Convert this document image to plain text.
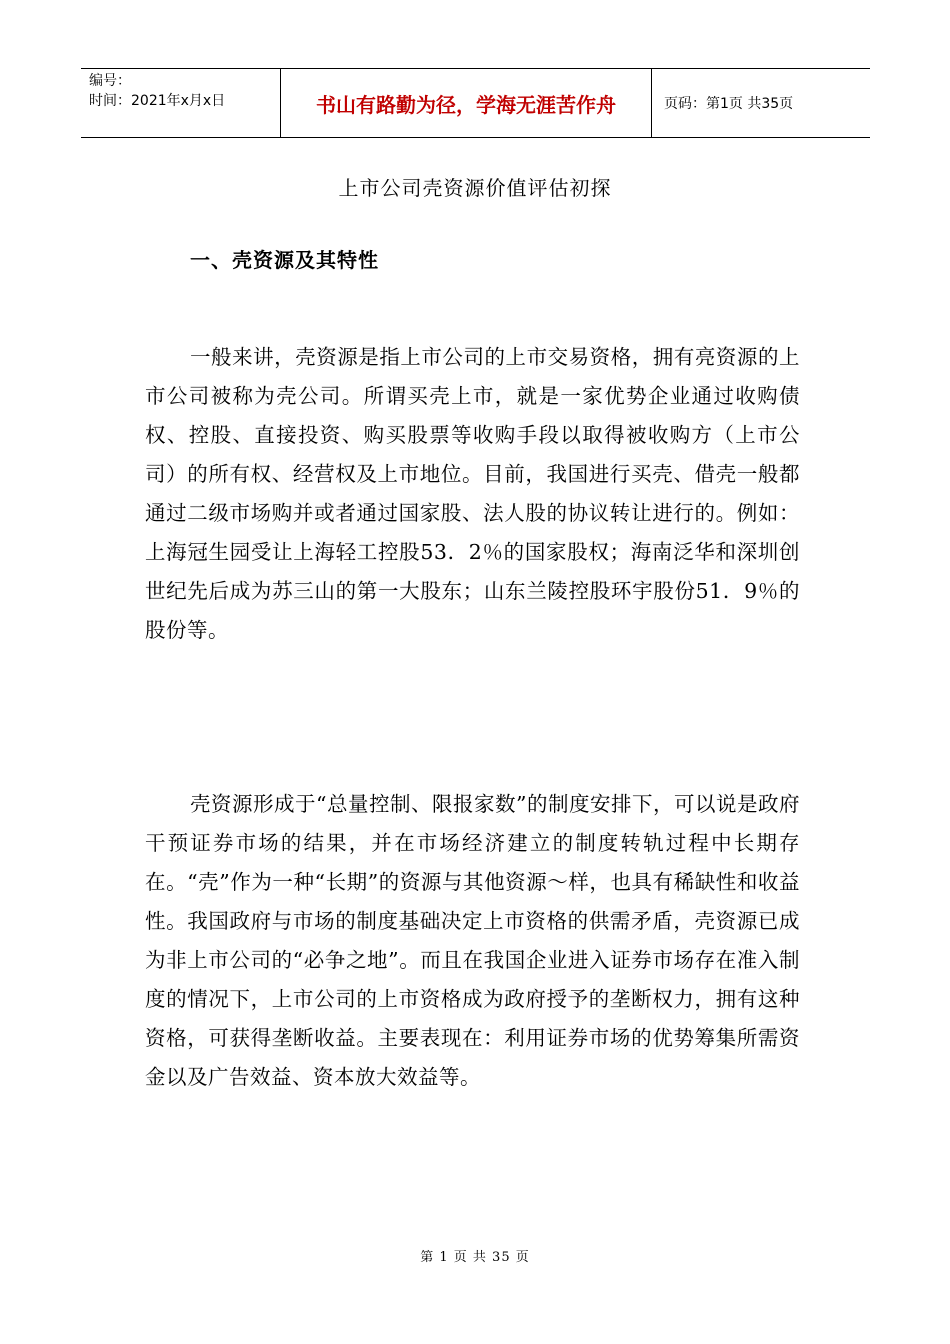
编号：
时间：2021年x月x日	书山有路勤为径，学海无涯苦作舟	页码：第1页 共35页
上市公司壳资源价值评估初探
一、壳资源及其特性
一般来讲，壳资源是指上市公司的上市交易资格，拥有亮资源的上市公司被称为壳公司。所谓买壳上市，就是一家优势企业通过收购债权、控股、直接投资、购买股票等收购手段以取得被收购方（上市公司）的所有权、经营权及上市地位。目前，我国进行买壳、借壳一般都通过二级市场购并或者通过国家股、法人股的协议转让进行的。例如：上海冠生园受让上海轻工控股53．2％的国家股权；海南泛华和深圳创世纪先后成为苏三山的第一大股东；山东兰陵控股环宇股份51．9％的股份等。
壳资源形成于“总量控制、限报家数”的制度安排下，可以说是政府干预证券市场的结果，并在市场经济建立的制度转轨过程中长期存在。“壳”作为一种“长期”的资源与其他资源～样，也具有稀缺性和收益性。我国政府与市场的制度基础决定上市资格的供需矛盾，壳资源已成为非上市公司的“必争之地”。而且在我国企业进入证券市场存在准入制度的情况下，上市公司的上市资格成为政府授予的垄断权力，拥有这种资格，可获得垄断收益。主要表现在：利用证券市场的优势筹集所需资金以及广告效益、资本放大效益等。
第 1 页 共 35 页
